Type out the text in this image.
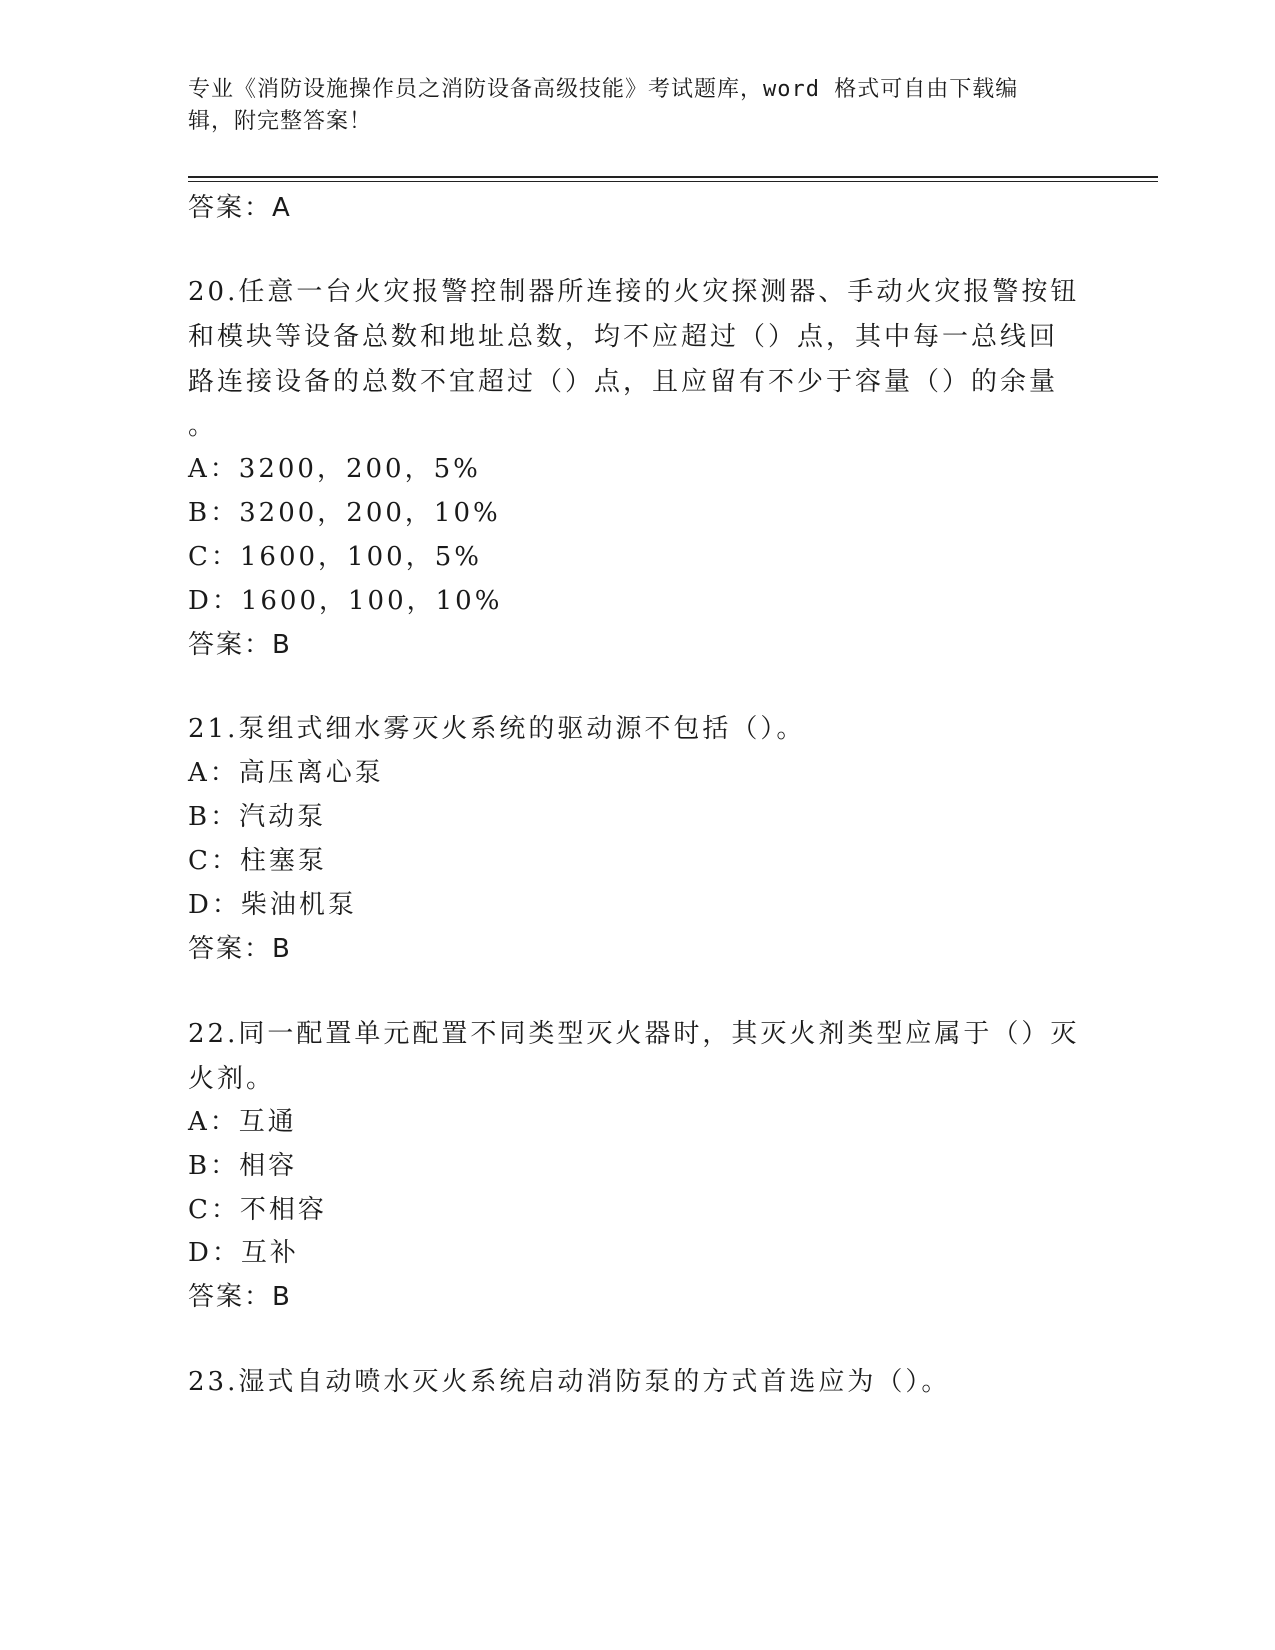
专业《消防设施操作员之消防设备高级技能》考试题库，word 格式可自由下载编
辑，附完整答案！
答案：A
20.任意一台火灾报警控制器所连接的火灾探测器、手动火灾报警按钮
和模块等设备总数和地址总数，均不应超过（）点，其中每一总线回
路连接设备的总数不宜超过（）点，且应留有不少于容量（）的余量
。
A：3200，200，5%
B：3200，200，10%
C：1600，100，5%
D：1600，100，10%
答案：B
21.泵组式细水雾灭火系统的驱动源不包括（）。
A：高压离心泵
B：汽动泵
C：柱塞泵
D：柴油机泵
答案：B
22.同一配置单元配置不同类型灭火器时，其灭火剂类型应属于（）灭
火剂。
A：互通
B：相容
C：不相容
D：互补
答案：B
23.湿式自动喷水灭火系统启动消防泵的方式首选应为（）。
